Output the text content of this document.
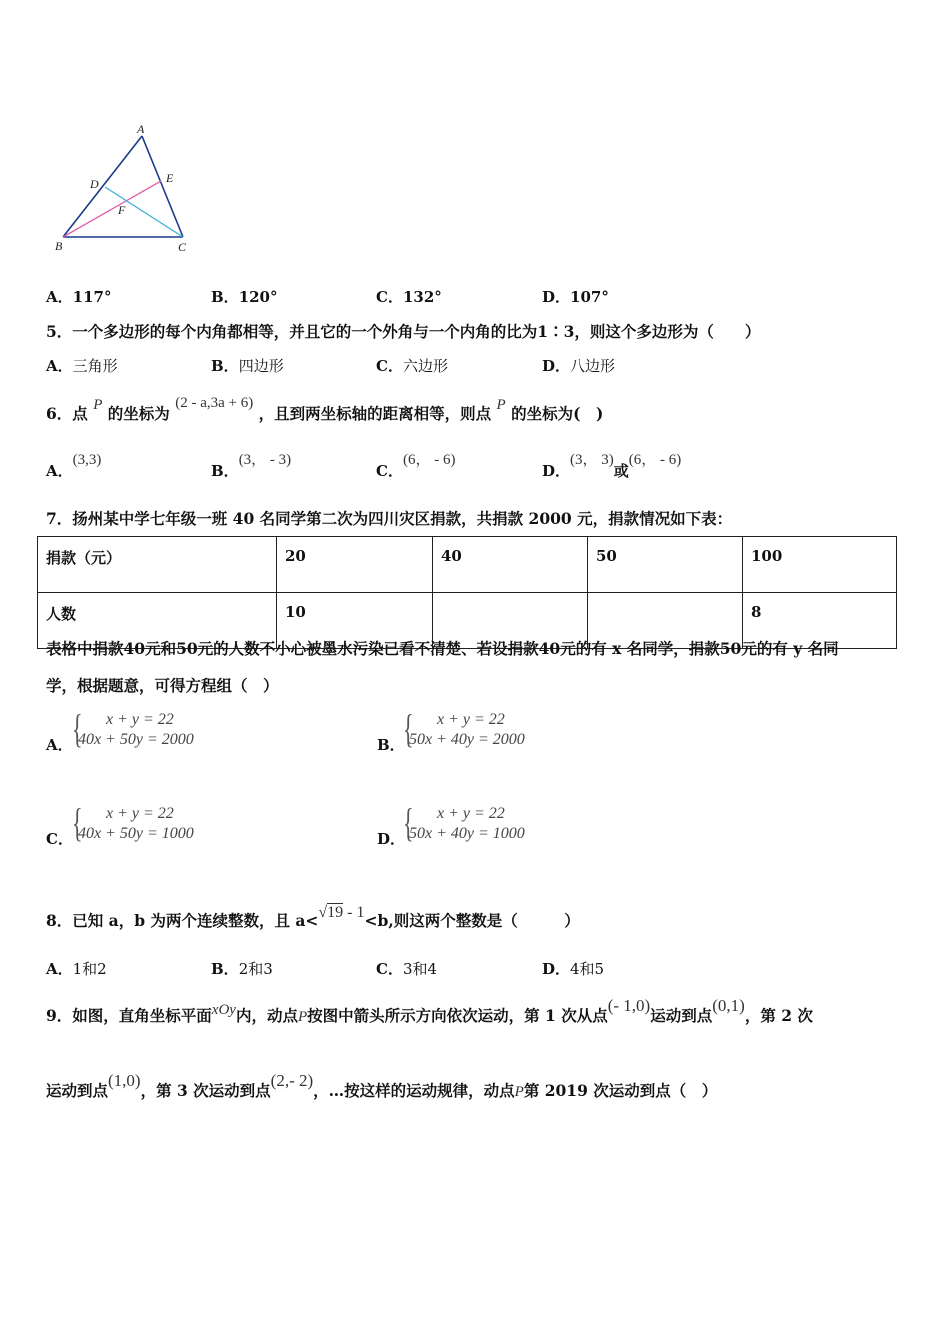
A
B	C
D	E
F
A．117°	B．120°	C．132°	D．107°
5．一个多边形的每个内角都相等，并且它的一个外角与一个内角的比为1∶3，则这个多边形为（　　）
A．三角形	B．四边形	C．六边形	D．八边形
6．点 P 的坐标为 (2 - a,3a + 6) ，且到两坐标轴的距离相等，则点 P 的坐标为(　)
A．(3,3)
B．(3， - 3)
C．(6， - 6)
D．(3， 3)或(6， - 6)
7．扬州某中学七年级一班 40 名同学第二次为四川灾区捐款，共捐款 2000 元，捐款情况如下表：
捐款（元）	20	40	50	100
人数	10			8
表格中捐款40元和50元的人数不小心被墨水污染已看不清楚、若设捐款40元的有 x 名同学，捐款50元的有 y 名同
学，根据题意，可得方程组（　）
A． { x + y = 22
40x + 50y = 2000	B．
{ x + y = 22
50x + 40y = 2000
C． { x + y = 22
40x + 50y = 1000	D．
{ x + y = 22
50x + 40y = 1000
8．已知 a，b 为两个连续整数，且 a<√19 - 1<b,则这两个整数是（　　　）
A．1和2	B．2和3	C．3和4	D．4和5
9．如图，直角坐标平面xOy内，动点P按图中箭头所示方向依次运动，第 1 次从点(- 1,0)运动到点(0,1)，第 2 次
运动到点(1,0)，第 3 次运动到点(2,- 2)，…按这样的运动规律，动点P第 2019 次运动到点（　）
